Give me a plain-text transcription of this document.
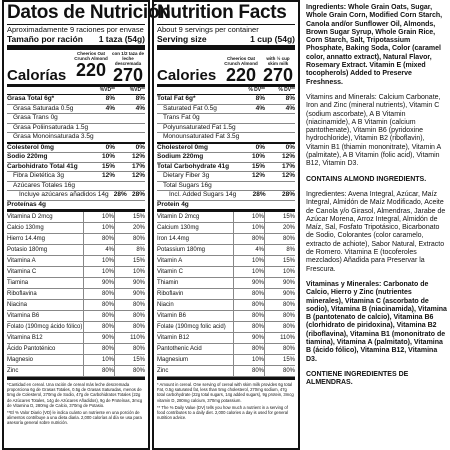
Datos de Nutrición
Aproximadamente 9 raciones por envase
Tamaño por ración 1 taza (54g)
Calorías
Cheerios Oat Crunch Almond
220
con 1/2 taza de leche descremada
270
%VD**	%VD**
Grasa Total 6g*	8%	8%
Grasa Saturada 0.5g	4%	4%
Grasa Trans 0g
Grasa Poliinsaturada 1.5g
Grasa Monoinsaturada 3.5g
Colesterol 0mg	0%	0%
Sodio 220mg	10%	12%
Carbohidrato Total 41g	15%	17%
Fibra Dietética 3g	12%	12%
Azúcares Totales 16g
Incluye azúcares añadidos 14g 28% 28%
Proteínas 4g
Vitamina D 2mcg	10%	15%
Calcio 130mg	10%	20%
Hierro 14.4mg	80%	80%
Potasio 180mg	4%	8%
Vitamina A	10%	15%
Vitamina C	10%	10%
Tiamina	90%	90%
Riboflavina	80%	90%
Niacina	80%	80%
Vitamina B6	80%	80%
Folato (190mcg ácido fólico)	80%	80%
Vitamina B12	90%	110%
Ácido Pantoténico	80%	80%
Magnesio	10%	15%
Zinc	80%	80%

*Cantidad en cereal. Una ración de cereal más leche descremada proporciona 6g de Grasas Totales, 0.5g de Grasas Saturadas, menos de 5mg de Colesterol, 270mg de Sodio, 47g de Carbohidratos Totales (22g de Azúcares Totales, 14g de Azúcares Añadidos), 9g de Proteínas, 3mcg de Vitamina D, 280mg de Calcio, 370mg de Potasio.

**El % Valor Diario (VD) le indica cuánto un nutriente en una porción de alimentos contribuye a una dieta diaria. 2,000 calorías al día se usa para asesoría general sobre nutrición.

Nutrition Facts
About 9 servings per container
Serving size	1 cup (54g)
Calories
Cheerios Oat Crunch Almond
220
with ½ cup skim milk
270
% DV**	% DV**
Total Fat 6g*	8%	8%
Saturated Fat 0.5g	4%	4%
Trans Fat 0g
Polyunsaturated Fat 1.5g
Monounsaturated Fat 3.5g
Cholesterol 0mg	0%	0%
Sodium 220mg	10%	12%
Total Carbohydrate 41g	15%	17%
Dietary Fiber 3g	12%	12%
Total Sugars 16g
Incl. Added Sugars 14g	28%	28%
Protein 4g
Vitamin D 2mcg	10%	15%
Calcium 130mg	10%	20%
Iron 14.4mg	80%	80%
Potassium 180mg	4%	8%
Vitamin A	10%	15%
Vitamin C	10%	10%
Thiamin	90%	90%
Riboflavin	80%	90%
Niacin	80%	80%
Vitamin B6	80%	80%
Folate (190mcg folic acid)	80%	80%
Vitamin B12	90%	110%
Pantothenic Acid	80%	80%
Magnesium	10%	15%
Zinc	80%	80%

* Amount in cereal. One serving of cereal with skim milk provides 6g total Fat, 0.5g saturated fat, less than 5mg cholesterol, 270mg sodium, 47g total carbohydrate (22g total sugars, 14g added sugars), 9g protein, 3mcg vitamin D, 280mg calcium, 370mg potassium.

** The % Daily Value (DV) tells you how much a nutrient in a serving of food contributes to a daily diet. 2,000 calories a day is used for general nutrition advice.

Ingredients: Whole Grain Oats, Sugar, Whole Grain Corn, Modified Corn Starch, Canola and/or Sunflower Oil, Almonds, Brown Sugar Syrup, Whole Grain Rice, Corn Starch, Salt, Tripotassium Phosphate, Baking Soda, Color (caramel color, annatto extract), Natural Flavor, Rosemary Extract. Vitamin E (mixed tocopherols) Added to Preserve Freshness.

Vitamins and Minerals: Calcium Carbonate, Iron and Zinc (mineral nutrients), Vitamin C (sodium ascorbate), A B Vitamin (niacinamide), A B Vitamin (calcium pantothenate), Vitamin B6 (pyridoxine hydrochloride), Vitamin B2 (riboflavin), Vitamin B1 (thiamin mononitrate), Vitamin A (palmitate), A B Vitamin (folic acid), Vitamin B12, Vitamin D3.

CONTAINS ALMOND INGREDIENTS.

Ingredientes: Avena Integral, Azúcar, Maíz Integral, Almidón de Maíz Modificado, Aceite de Canola y/o Girasol, Almendras, Jarabe de Azúcar Morena, Arroz Integral, Almidón de Maíz, Sal, Fosfato Tripotásico, Bicarbonato de Sodio, Colorantes (color caramelo, extracto de achiote), Sabor Natural, Extracto de Romero. Vitamina E (tocoferoles mezclados) Añadida para Preservar la Frescura.

Vitaminas y Minerales: Carbonato de Calcio, Hierro y Zinc (nutrientes minerales), Vitamina C (ascorbato de sodio), Vitamina B (niacinamida), Vitamina B (pantotenato de calcio), Vitamina B6 (clorhidrato de piridoxina), Vitamina B2 (riboflavina), Vitamina B1 (mononitrato de tiamina), Vitamina A (palmitato), Vitamina B (ácido fólico), Vitamina B12, Vitamina D3.

CONTIENE INGREDIENTES DE ALMENDRAS.
